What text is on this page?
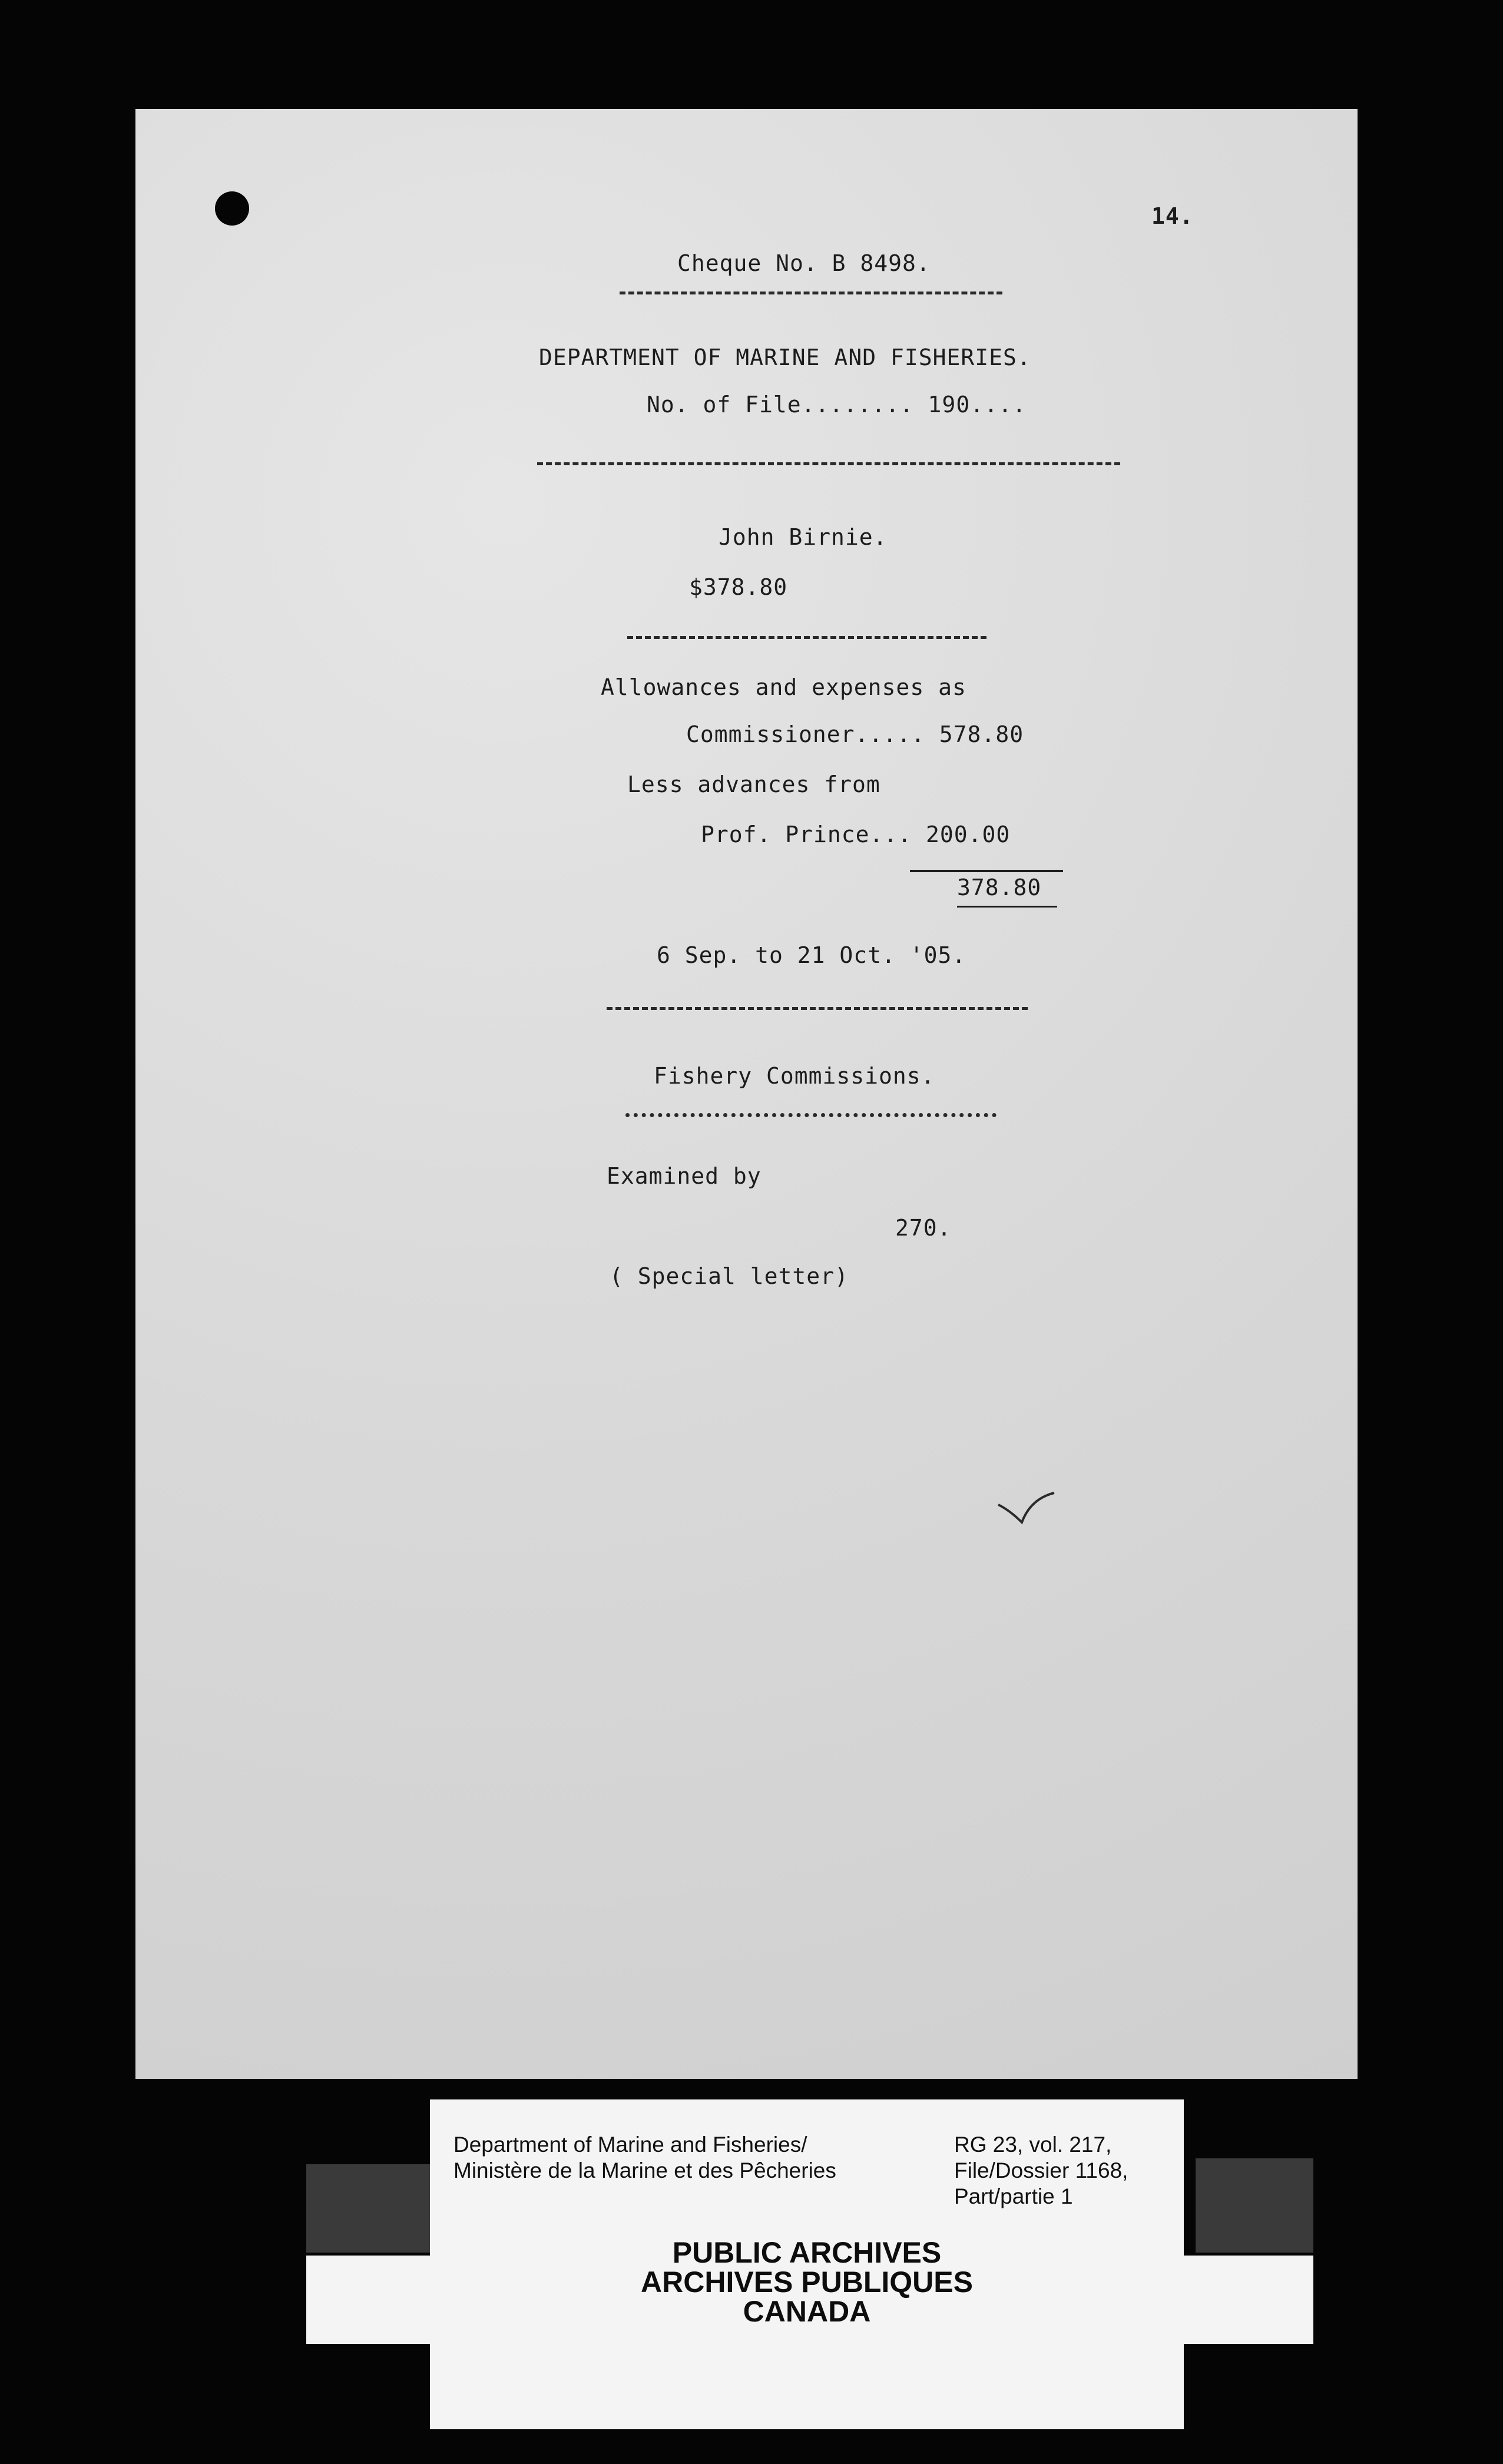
14.
Cheque No. B 8498.
DEPARTMENT OF MARINE AND FISHERIES.
No. of File........ 190....
John Birnie.
$378.80
Allowances and expenses as
Commissioner..... 578.80
Less advances from
Prof. Prince... 200.00
378.80
6 Sep. to 21 Oct. '05.
Fishery Commissions.
Examined by
270.
( Special letter)
Department of Marine and Fisheries/
Ministère de la Marine et des Pêcheries
RG 23, vol. 217,
File/Dossier 1168,
Part/partie 1
PUBLIC ARCHIVES
ARCHIVES PUBLIQUES
CANADA
